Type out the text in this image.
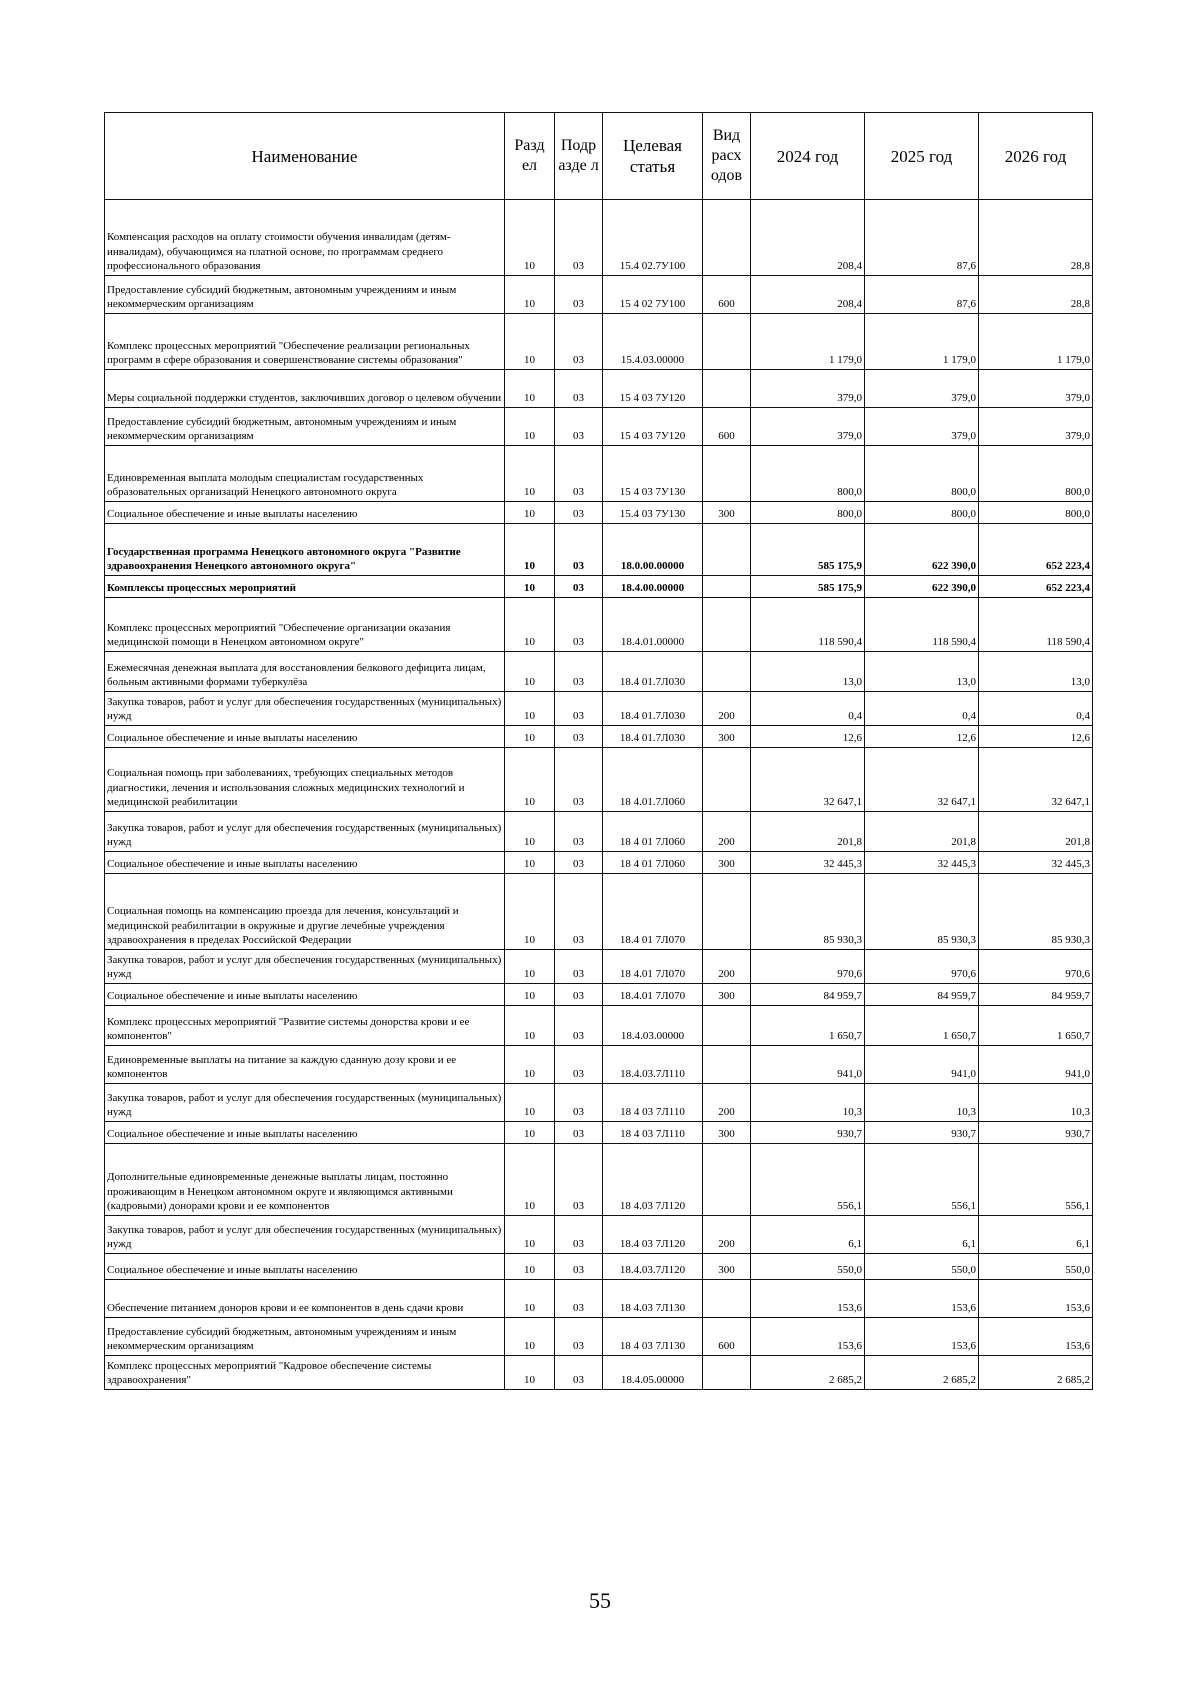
Наименование	Разд ел	Подр азде л	Целевая статья	Вид расх одов	2024 год	2025 год	2026 год
Компенсация расходов на оплату стоимости обучения инвалидам (детям-инвалидам), обучающимся на платной основе, по программам среднего профессионального образования	10	03	15.4 02.7У100		208,4	87,6	28,8
Предоставление субсидий бюджетным, автономным учреждениям и иным некоммерческим организациям	10	03	15 4 02 7У100	600	208,4	87,6	28,8
Комплекс процессных мероприятий "Обеспечение реализации региональных программ в сфере образования и совершенствование системы образования"	10	03	15.4.03.00000		1 179,0	1 179,0	1 179,0
Меры социальной поддержки студентов, заключивших договор о целевом обучении	10	03	15 4 03 7У120		379,0	379,0	379,0
Предоставление субсидий бюджетным, автономным учреждениям и иным некоммерческим организациям	10	03	15 4 03 7У120	600	379,0	379,0	379,0
Единовременная выплата молодым специалистам государственных образовательных организаций Ненецкого автономного округа	10	03	15 4 03 7У130		800,0	800,0	800,0
Социальное обеспечение и иные выплаты населению	10	03	15.4 03 7У130	300	800,0	800,0	800,0
Государственная программа Ненецкого автономного округа "Развитие здравоохранения Ненецкого автономного округа"	10	03	18.0.00.00000		585 175,9	622 390,0	652 223,4
Комплексы процессных мероприятий	10	03	18.4.00.00000		585 175,9	622 390,0	652 223,4
Комплекс процессных мероприятий "Обеспечение организации оказания медицинской помощи в Ненецком автономном округе"	10	03	18.4.01.00000		118 590,4	118 590,4	118 590,4
Ежемесячная денежная выплата для восстановления белкового дефицита лицам, больным активными формами туберкулёза	10	03	18.4 01.7Л030		13,0	13,0	13,0
Закупка товаров, работ и услуг для обеспечения государственных (муниципальных) нужд	10	03	18.4 01.7Л030	200	0,4	0,4	0,4
Социальное обеспечение и иные выплаты населению	10	03	18.4 01.7Л030	300	12,6	12,6	12,6
Социальная помощь при заболеваниях, требующих специальных методов диагностики, лечения и использования сложных медицинских технологий и медицинской реабилитации	10	03	18 4.01.7Л060		32 647,1	32 647,1	32 647,1
Закупка товаров, работ и услуг для обеспечения государственных (муниципальных) нужд	10	03	18 4 01 7Л060	200	201,8	201,8	201,8
Социальное обеспечение и иные выплаты населению	10	03	18 4 01 7Л060	300	32 445,3	32 445,3	32 445,3
Социальная помощь на компенсацию проезда для лечения, консультаций и медицинской реабилитации в окружные и другие лечебные учреждения здравоохранения в пределах Российской Федерации	10	03	18.4 01 7Л070		85 930,3	85 930,3	85 930,3
Закупка товаров, работ и услуг для обеспечения государственных (муниципальных) нужд	10	03	18 4.01 7Л070	200	970,6	970,6	970,6
Социальное обеспечение и иные выплаты населению	10	03	18.4.01 7Л070	300	84 959,7	84 959,7	84 959,7
Комплекс процессных мероприятий "Развитие системы донорства крови и ее компонентов"	10	03	18.4.03.00000		1 650,7	1 650,7	1 650,7
Единовременные выплаты на питание за каждую сданную дозу крови и ее компонентов	10	03	18.4.03.7Л110		941,0	941,0	941,0
Закупка товаров, работ и услуг для обеспечения государственных (муниципальных) нужд	10	03	18 4 03 7Л110	200	10,3	10,3	10,3
Социальное обеспечение и иные выплаты населению	10	03	18 4 03 7Л110	300	930,7	930,7	930,7
Дополнительные единовременные денежные выплаты лицам, постоянно проживающим в Ненецком автономном округе и являющимся активными (кадровыми) донорами крови и ее компонентов	10	03	18 4.03 7Л120		556,1	556,1	556,1
Закупка товаров, работ и услуг для обеспечения государственных (муниципальных) нужд	10	03	18.4 03 7Л120	200	6,1	6,1	6,1
Социальное обеспечение и иные выплаты населению	10	03	18.4.03.7Л120	300	550,0	550,0	550,0
Обеспечение питанием доноров крови и ее компонентов в день сдачи крови	10	03	18 4.03 7Л130		153,6	153,6	153,6
Предоставление субсидий бюджетным, автономным учреждениям и иным некоммерческим организациям	10	03	18 4 03 7Л130	600	153,6	153,6	153,6
Комплекс процессных мероприятий "Кадровое обеспечение системы здравоохранения"	10	03	18.4.05.00000		2 685,2	2 685,2	2 685,2
55
